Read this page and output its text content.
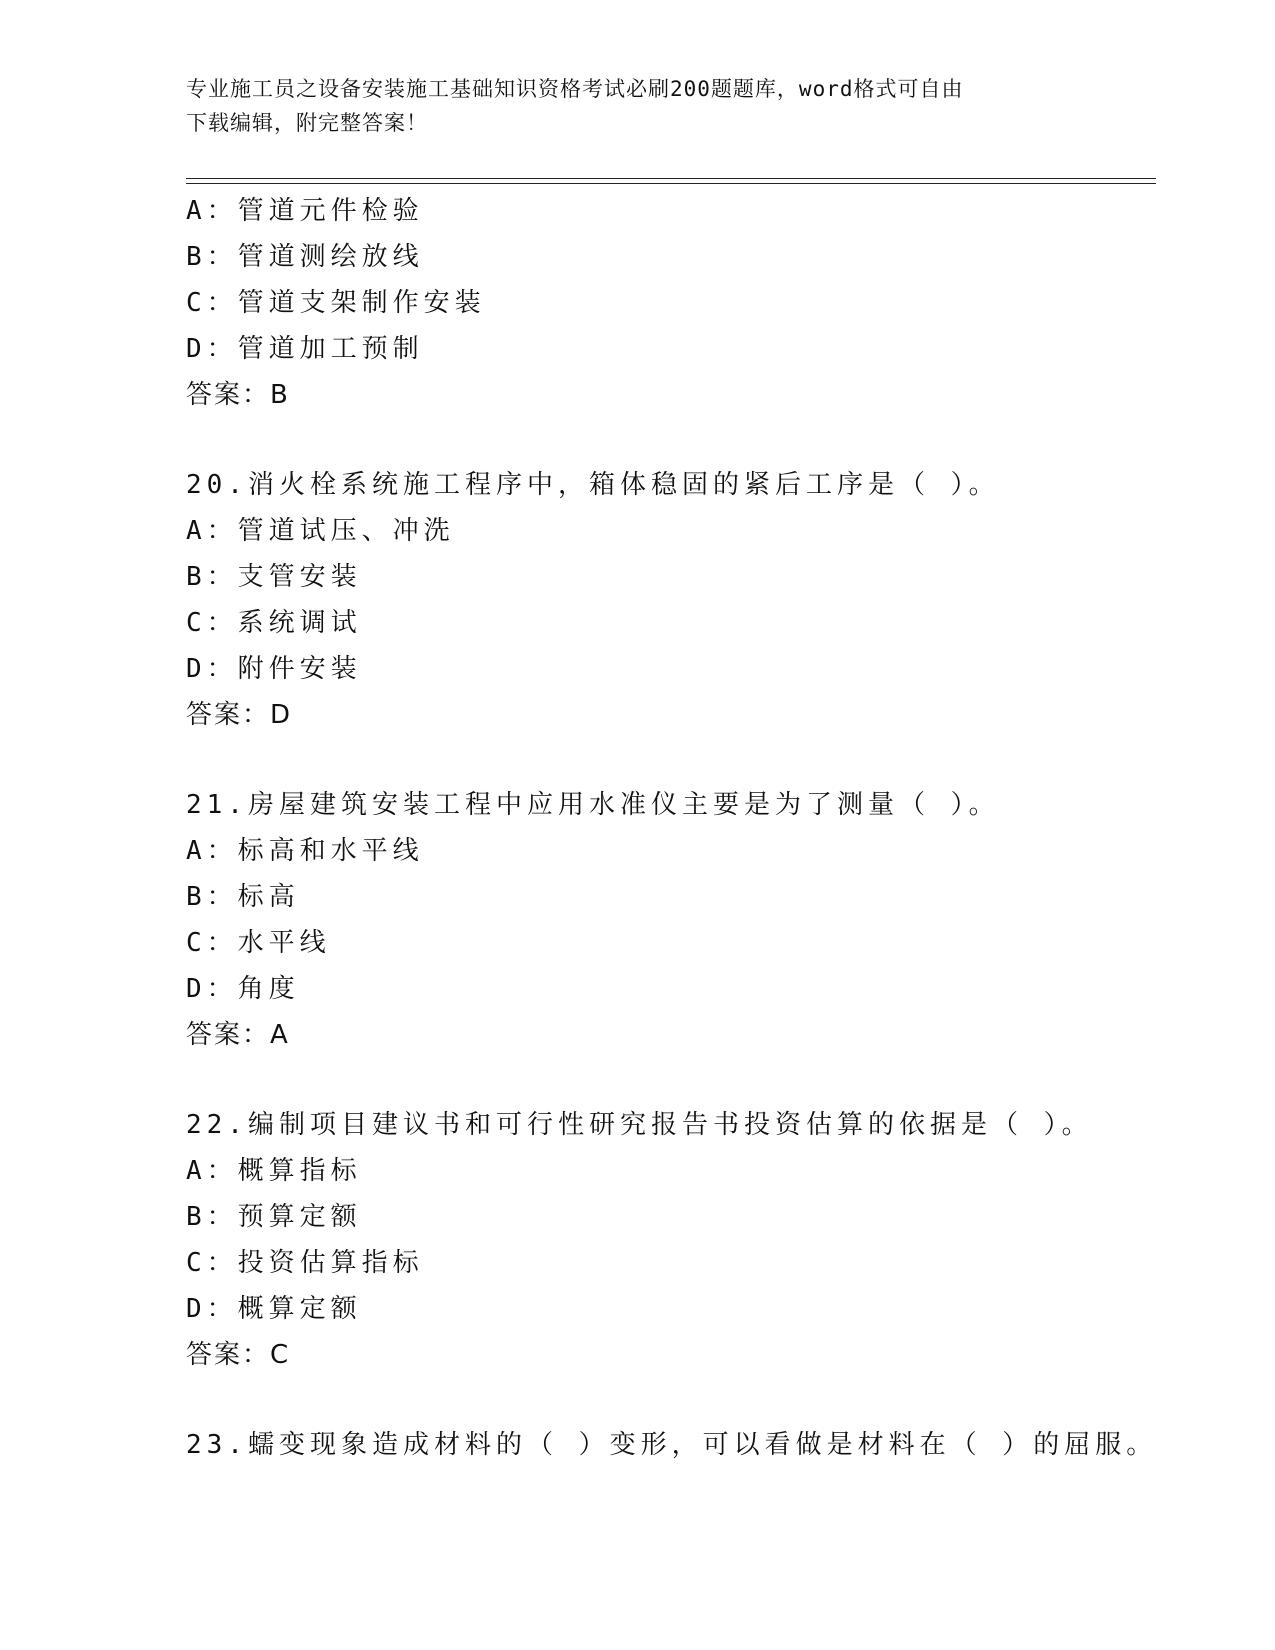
专业施工员之设备安装施工基础知识资格考试必刷200题题库，word格式可自由
下载编辑，附完整答案！
A：管道元件检验
B：管道测绘放线
C：管道支架制作安装
D：管道加工预制
答案：B
20.消火栓系统施工程序中，箱体稳固的紧后工序是（ ）。
A：管道试压、冲洗
B：支管安装
C：系统调试
D：附件安装
答案：D
21.房屋建筑安装工程中应用水准仪主要是为了测量（ ）。
A：标高和水平线
B：标高
C：水平线
D：角度
答案：A
22.编制项目建议书和可行性研究报告书投资估算的依据是（ ）。
A：概算指标
B：预算定额
C：投资估算指标
D：概算定额
答案：C
23.蠕变现象造成材料的（ ）变形，可以看做是材料在（ ）的屈服。
